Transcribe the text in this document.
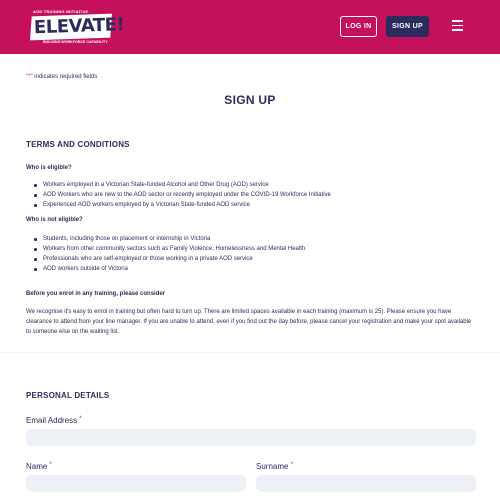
AOD TRAINING INITIATIVE
ELEVATE!
BUILDING WORKFORCE CAPABILITY
LOG IN	SIGN UP
"*" indicates required fields
SIGN UP
TERMS AND CONDITIONS
Who is eligible?
Workers employed in a Victorian State-funded Alcohol and Other Drug (AOD) service
AOD Workers who are new to the AOD sector or recently employed under the COVID-19 Workforce Initiative
Experienced AOD workers employed by a Victorian State-funded AOD service
Who is not eligible?
Students, including those on placement or internship in Victoria
Workers from other community sectors such as Family Violence, Homelessness and Mental Health
Professionals who are self-employed or those working in a private AOD service
AOD workers outside of Victoria
Before you enrol in any training, please consider
We recognise it's easy to enrol in training but often hard to turn up. There are limited spaces available in each training (maximum is 25). Please ensure you have clearance to attend from your line manager. If you are unable to attend, even if you find out the day before, please cancel your registration and make your spot available to someone else on the waiting list.
PERSONAL DETAILS
Email Address *
Name *	Surname *
